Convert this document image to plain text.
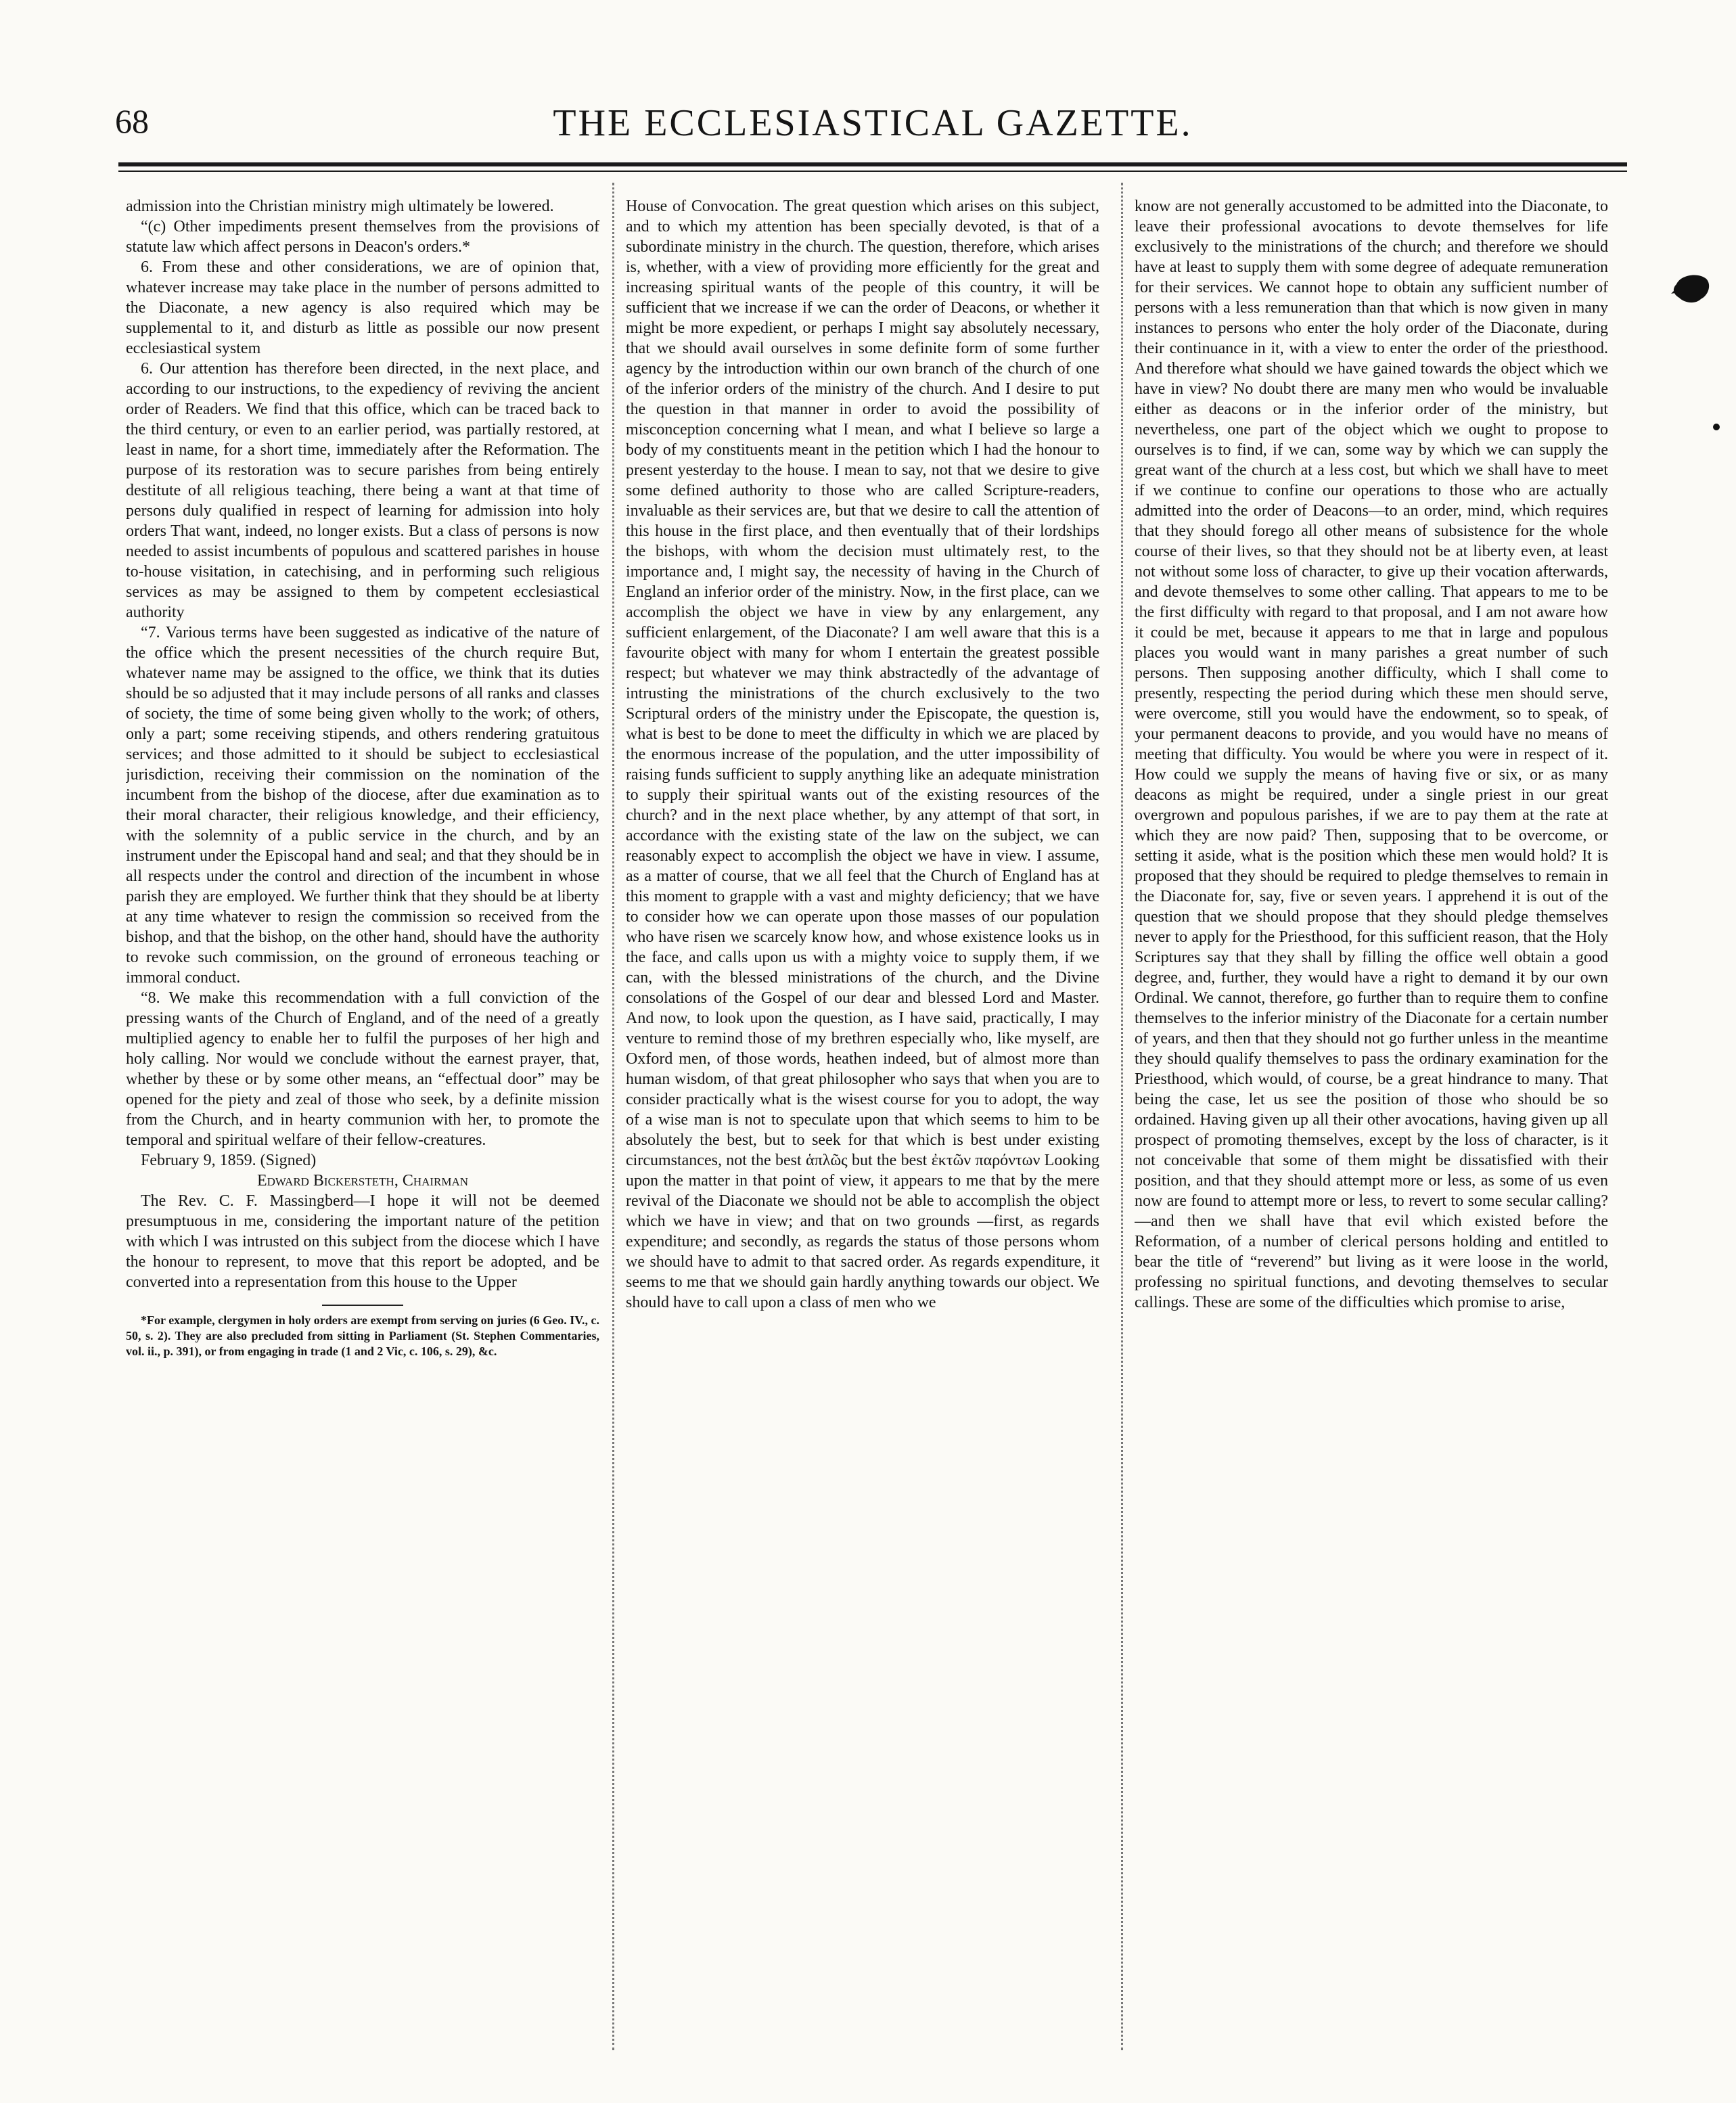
68	THE ECCLESIASTICAL GAZETTE.

admission into the Christian ministry migh ultimately be lowered.

“(c) Other impediments present themselves from the provisions of statute law which affect persons in Deacon's orders.*

6. From these and other considerations, we are of opinion that, whatever increase may take place in the number of persons admitted to the Diaconate, a new agency is also required which may be supplemental to it, and disturb as little as possible our now present ecclesiastical system

6. Our attention has therefore been directed, in the next place, and according to our instructions, to the expediency of reviving the ancient order of Readers. We find that this office, which can be traced back to the third century, or even to an earlier period, was partially restored, at least in name, for a short time, immediately after the Reformation. The purpose of its restoration was to secure parishes from being entirely destitute of all religious teaching, there being a want at that time of persons duly qualified in respect of learning for admission into holy orders That want, indeed, no longer exists. But a class of persons is now needed to assist incumbents of populous and scattered parishes in house to-house visitation, in catechising, and in performing such religious services as may be assigned to them by competent ecclesiastical authority

“7. Various terms have been suggested as indicative of the nature of the office which the present necessities of the church require But, whatever name may be assigned to the office, we think that its duties should be so adjusted that it may include persons of all ranks and classes of society, the time of some being given wholly to the work; of others, only a part; some receiving stipends, and others rendering gratuitous services; and those admitted to it should be subject to ecclesiastical jurisdiction, receiving their commission on the nomination of the incumbent from the bishop of the diocese, after due examination as to their moral character, their religious knowledge, and their efficiency, with the solemnity of a public service in the church, and by an instrument under the Episcopal hand and seal; and that they should be in all respects under the control and direction of the incumbent in whose parish they are employed. We further think that they should be at liberty at any time whatever to resign the commission so received from the bishop, and that the bishop, on the other hand, should have the authority to revoke such commission, on the ground of erroneous teaching or immoral conduct.

“8. We make this recommendation with a full conviction of the pressing wants of the Church of England, and of the need of a greatly multiplied agency to enable her to fulfil the purposes of her high and holy calling. Nor would we conclude without the earnest prayer, that, whether by these or by some other means, an “effectual door” may be opened for the piety and zeal of those who seek, by a definite mission from the Church, and in hearty communion with her, to promote the temporal and spiritual welfare of their fellow-creatures.

February 9, 1859. (Signed)

Edward Bickersteth, Chairman

The Rev. C. F. Massingberd—I hope it will not be deemed presumptuous in me, considering the important nature of the petition with which I was intrusted on this subject from the diocese which I have the honour to represent, to move that this report be adopted, and be converted into a representation from this house to the Upper

*For example, clergymen in holy orders are exempt from serving on juries (6 Geo. IV., c. 50, s. 2). They are also precluded from sitting in Parliament (St. Stephen Commentaries, vol. ii., p. 391), or from engaging in trade (1 and 2 Vic, c. 106, s. 29), &c.

House of Convocation. The great question which arises on this subject, and to which my attention has been specially devoted, is that of a subordinate ministry in the church. The question, therefore, which arises is, whether, with a view of providing more efficiently for the great and increasing spiritual wants of the people of this country, it will be sufficient that we increase if we can the order of Deacons, or whether it might be more expedient, or perhaps I might say absolutely necessary, that we should avail ourselves in some definite form of some further agency by the introduction within our own branch of the church of one of the inferior orders of the ministry of the church. And I desire to put the question in that manner in order to avoid the possibility of misconception concerning what I mean, and what I believe so large a body of my constituents meant in the petition which I had the honour to present yesterday to the house. I mean to say, not that we desire to give some defined authority to those who are called Scripture-readers, invaluable as their services are, but that we desire to call the attention of this house in the first place, and then eventually that of their lordships the bishops, with whom the decision must ultimately rest, to the importance and, I might say, the necessity of having in the Church of England an inferior order of the ministry. Now, in the first place, can we accomplish the object we have in view by any enlargement, any sufficient enlargement, of the Diaconate? I am well aware that this is a favourite object with many for whom I entertain the greatest possible respect; but whatever we may think abstractedly of the advantage of intrusting the ministrations of the church exclusively to the two Scriptural orders of the ministry under the Episcopate, the question is, what is best to be done to meet the difficulty in which we are placed by the enormous increase of the population, and the utter impossibility of raising funds sufficient to supply anything like an adequate ministration to supply their spiritual wants out of the existing resources of the church? and in the next place whether, by any attempt of that sort, in accordance with the existing state of the law on the subject, we can reasonably expect to accomplish the object we have in view. I assume, as a matter of course, that we all feel that the Church of England has at this moment to grapple with a vast and mighty deficiency; that we have to consider how we can operate upon those masses of our population who have risen we scarcely know how, and whose existence looks us in the face, and calls upon us with a mighty voice to supply them, if we can, with the blessed ministrations of the church, and the Divine consolations of the Gospel of our dear and blessed Lord and Master. And now, to look upon the question, as I have said, practically, I may venture to remind those of my brethren especially who, like myself, are Oxford men, of those words, heathen indeed, but of almost more than human wisdom, of that great philosopher who says that when you are to consider practically what is the wisest course for you to adopt, the way of a wise man is not to speculate upon that which seems to him to be absolutely the best, but to seek for that which is best under existing circumstances, not the best ἁπλῶς but the best ἐκτῶν παρόντων Looking upon the matter in that point of view, it appears to me that by the mere revival of the Diaconate we should not be able to accomplish the object which we have in view; and that on two grounds —first, as regards expenditure; and secondly, as regards the status of those persons whom we should have to admit to that sacred order. As regards expenditure, it seems to me that we should gain hardly anything towards our object. We should have to call upon a class of men who we

know are not generally accustomed to be admitted into the Diaconate, to leave their professional avocations to devote themselves for life exclusively to the ministrations of the church; and therefore we should have at least to supply them with some degree of adequate remuneration for their services. We cannot hope to obtain any sufficient number of persons with a less remuneration than that which is now given in many instances to persons who enter the holy order of the Diaconate, during their continuance in it, with a view to enter the order of the priesthood. And therefore what should we have gained towards the object which we have in view? No doubt there are many men who would be invaluable either as deacons or in the inferior order of the ministry, but nevertheless, one part of the object which we ought to propose to ourselves is to find, if we can, some way by which we can supply the great want of the church at a less cost, but which we shall have to meet if we continue to confine our operations to those who are actually admitted into the order of Deacons—to an order, mind, which requires that they should forego all other means of subsistence for the whole course of their lives, so that they should not be at liberty even, at least not without some loss of character, to give up their vocation afterwards, and devote themselves to some other calling. That appears to me to be the first difficulty with regard to that proposal, and I am not aware how it could be met, because it appears to me that in large and populous places you would want in many parishes a great number of such persons. Then supposing another difficulty, which I shall come to presently, respecting the period during which these men should serve, were overcome, still you would have the endowment, so to speak, of your permanent deacons to provide, and you would have no means of meeting that difficulty. You would be where you were in respect of it. How could we supply the means of having five or six, or as many deacons as might be required, under a single priest in our great overgrown and populous parishes, if we are to pay them at the rate at which they are now paid? Then, supposing that to be overcome, or setting it aside, what is the position which these men would hold? It is proposed that they should be required to pledge themselves to remain in the Diaconate for, say, five or seven years. I apprehend it is out of the question that we should propose that they should pledge themselves never to apply for the Priesthood, for this sufficient reason, that the Holy Scriptures say that they shall by filling the office well obtain a good degree, and, further, they would have a right to demand it by our own Ordinal. We cannot, therefore, go further than to require them to confine themselves to the inferior ministry of the Diaconate for a certain number of years, and then that they should not go further unless in the meantime they should qualify themselves to pass the ordinary examination for the Priesthood, which would, of course, be a great hindrance to many. That being the case, let us see the position of those who should be so ordained. Having given up all their other avocations, having given up all prospect of promoting themselves, except by the loss of character, is it not conceivable that some of them might be dissatisfied with their position, and that they should attempt more or less, as some of us even now are found to attempt more or less, to revert to some secular calling?—and then we shall have that evil which existed before the Reformation, of a number of clerical persons holding and entitled to bear the title of “reverend” but living as it were loose in the world, professing no spiritual functions, and devoting themselves to secular callings. These are some of the difficulties which promise to arise,
